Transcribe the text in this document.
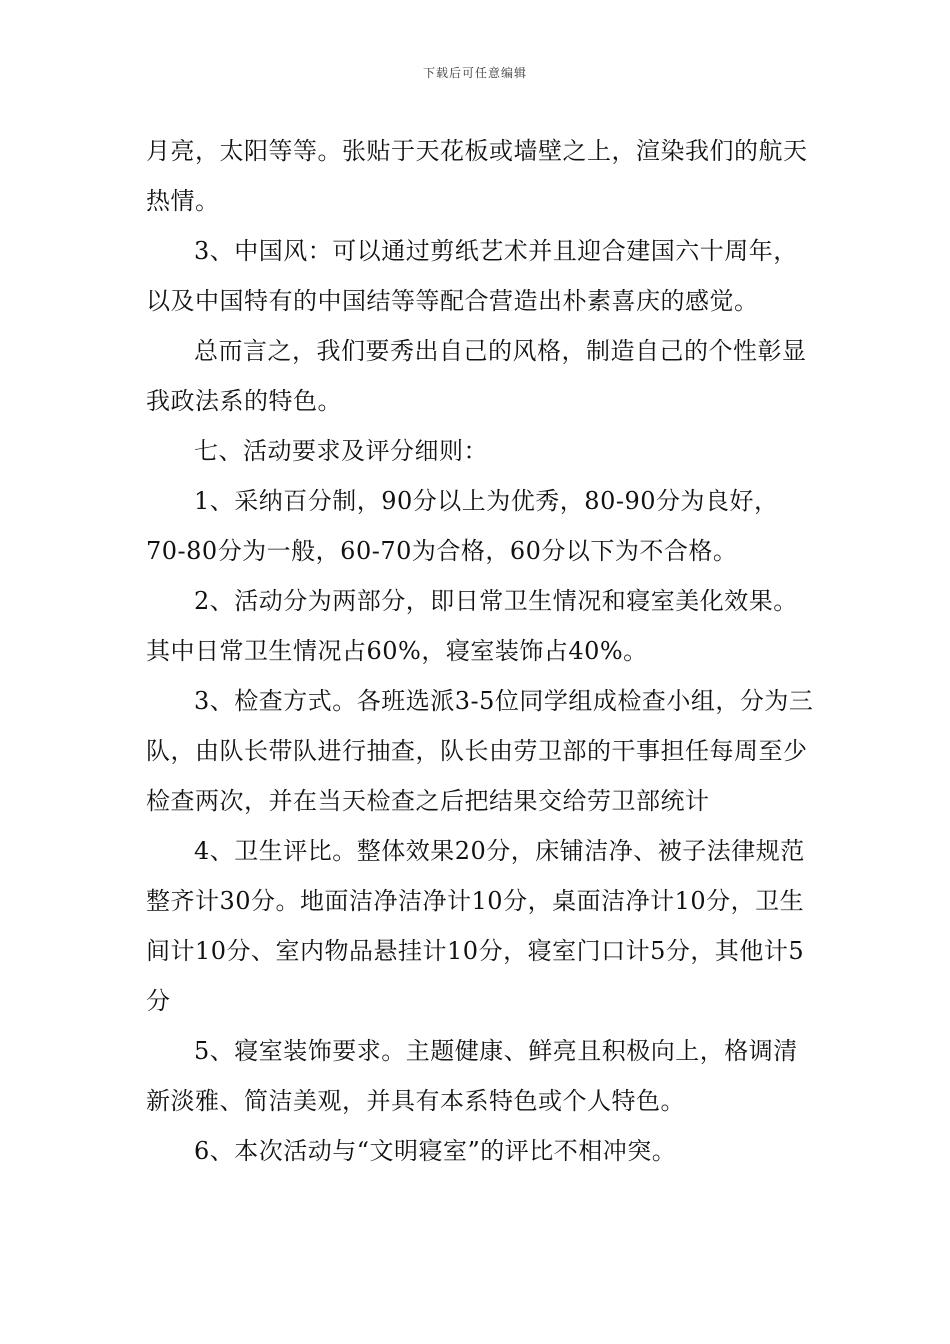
下载后可任意编辑

月亮，太阳等等。张贴于天花板或墙壁之上，渲染我们的航天热情。

3、中国风：可以通过剪纸艺术并且迎合建国六十周年，以及中国特有的中国结等等配合营造出朴素喜庆的感觉。

总而言之，我们要秀出自己的风格，制造自己的个性彰显我政法系的特色。

七、活动要求及评分细则：

1、采纳百分制，90分以上为优秀，80-90分为良好，70-80分为一般，60-70为合格，60分以下为不合格。

2、活动分为两部分，即日常卫生情况和寝室美化效果。其中日常卫生情况占60%，寝室装饰占40%。

3、检查方式。各班选派3-5位同学组成检查小组，分为三队，由队长带队进行抽查，队长由劳卫部的干事担任每周至少检查两次，并在当天检查之后把结果交给劳卫部统计

4、卫生评比。整体效果20分，床铺洁净、被子法律规范整齐计30分。地面洁净洁净计10分，桌面洁净计10分，卫生间计10分、室内物品悬挂计10分，寝室门口计5分，其他计5分

5、寝室装饰要求。主题健康、鲜亮且积极向上，格调清新淡雅、简洁美观，并具有本系特色或个人特色。

6、本次活动与“文明寝室”的评比不相冲突。
